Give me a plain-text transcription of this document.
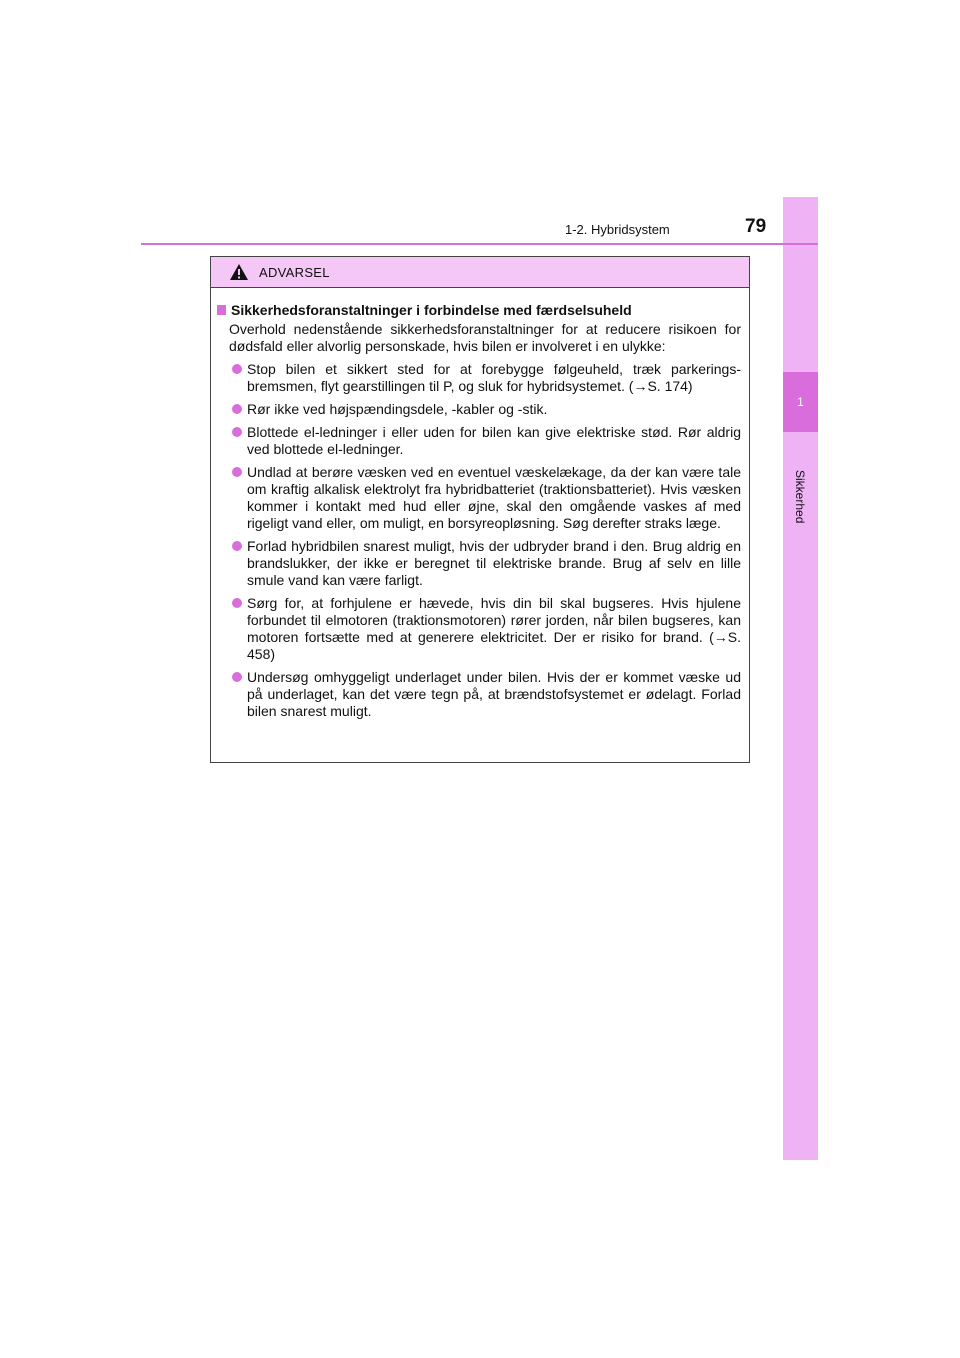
1
Sikkerhed
1-2. Hybridsystem	79
ADVARSEL
Sikkerhedsforanstaltninger i forbindelse med færdselsuheld
Overhold nedenstående sikkerhedsforanstaltninger for at reducere risikoen for dødsfald eller alvorlig personskade, hvis bilen er involveret i en ulykke:
Stop bilen et sikkert sted for at forebygge følgeuheld, træk parkerings-bremsmen, flyt gearstillingen til P, og sluk for hybridsystemet. (→S. 174)
Rør ikke ved højspændingsdele, -kabler og -stik.
Blottede el-ledninger i eller uden for bilen kan give elektriske stød. Rør aldrig ved blottede el-ledninger.
Undlad at berøre væsken ved en eventuel væskelækage, da der kan være tale om kraftig alkalisk elektrolyt fra hybridbatteriet (traktionsbatteriet). Hvis væsken kommer i kontakt med hud eller øjne, skal den omgående vaskes af med rigeligt vand eller, om muligt, en borsyreopløsning. Søg derefter straks læge.
Forlad hybridbilen snarest muligt, hvis der udbryder brand i den. Brug aldrig en brandslukker, der ikke er beregnet til elektriske brande. Brug af selv en lille smule vand kan være farligt.
Sørg for, at forhjulene er hævede, hvis din bil skal bugseres. Hvis hjulene forbundet til elmotoren (traktionsmotoren) rører jorden, når bilen bugseres, kan motoren fortsætte med at generere elektricitet. Der er risiko for brand. (→S. 458)
Undersøg omhyggeligt underlaget under bilen. Hvis der er kommet væske ud på underlaget, kan det være tegn på, at brændstofsystemet er ødelagt. Forlad bilen snarest muligt.
